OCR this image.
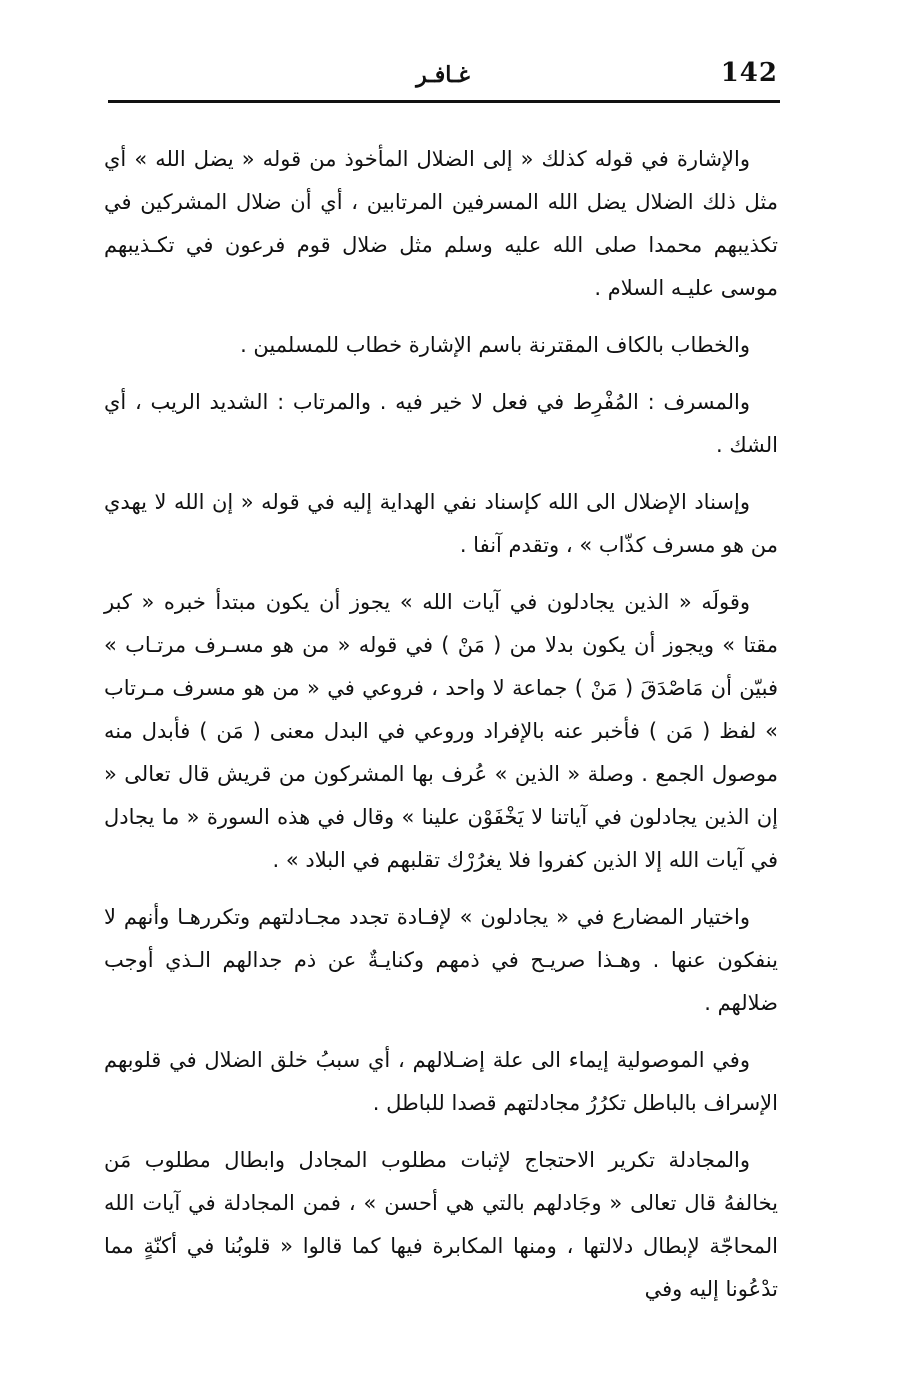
142
غـافـر

والإشارة في قوله كذلك « إلى الضلال المأخوذ من قوله « يضل الله » أي مثل ذلك الضلال يضل الله المسرفين المرتابين ، أي أن ضلال المشركين في تكذيبهم محمدا صلى الله عليه وسلم مثل ضلال قوم فرعون في تكـذيبهم موسى عليـه السلام .

والخطاب بالكاف المقترنة باسم الإشارة خطاب للمسلمين .

والمسرف : المُفْرِط في فعل لا خير فيه . والمرتاب : الشديد الريب ، أي الشك .

وإسناد الإضلال الى الله كإسناد نفي الهداية إليه في قوله « إن الله لا يهدي من هو مسرف كذّاب » ، وتقدم آنفا .

وقولَه « الذين يجادلون في آيات الله » يجوز أن يكون مبتدأ خبره « كبر مقتا » ويجوز أن يكون بدلا من ( مَنْ ) في قوله « من هو مسـرف مرتـاب » فبيّن أن مَاصْدَقَ ( مَنْ ) جماعة لا واحد ، فروعي في « من هو مسرف مـرتاب » لفظ ( مَن ) فأخبر عنه بالإفراد وروعي في البدل معنى ( مَن ) فأبدل منه موصول الجمع . وصلة « الذين » عُرف بها المشركون من قريش قال تعالى « إن الذين يجادلون في آياتنا لا يَخْفَوْن علينا » وقال في هذه السورة « ما يجادل في آيات الله إلا الذين كفروا فلا يغرُرْك تقلبهم في البلاد » .

واختيار المضارع في « يجادلون » لإفـادة تجدد مجـادلتهم وتكررهـا وأنهم لا ينفكون عنها . وهـذا صريـح في ذمهم وكنايـةٌ عن ذم جدالهم الـذي أوجب ضلالهم .

وفي الموصولية إيماء الى علة إضـلالهم ، أي سببُ خلق الضلال في قلوبهم الإسراف بالباطل تكرُرُ مجادلتهم قصدا للباطل .

والمجادلة تكرير الاحتجاج لإثبات مطلوب المجادل وابطال مطلوب مَن يخالفهُ قال تعالى « وجَادلهم بالتي هي أحسن » ، فمن المجادلة في آيات الله المحاجّة لإبطال دلالتها ، ومنها المكابرة فيها كما قالوا « قلوبُنا في أكنّةٍ مما تدْعُونا إليه وفي
